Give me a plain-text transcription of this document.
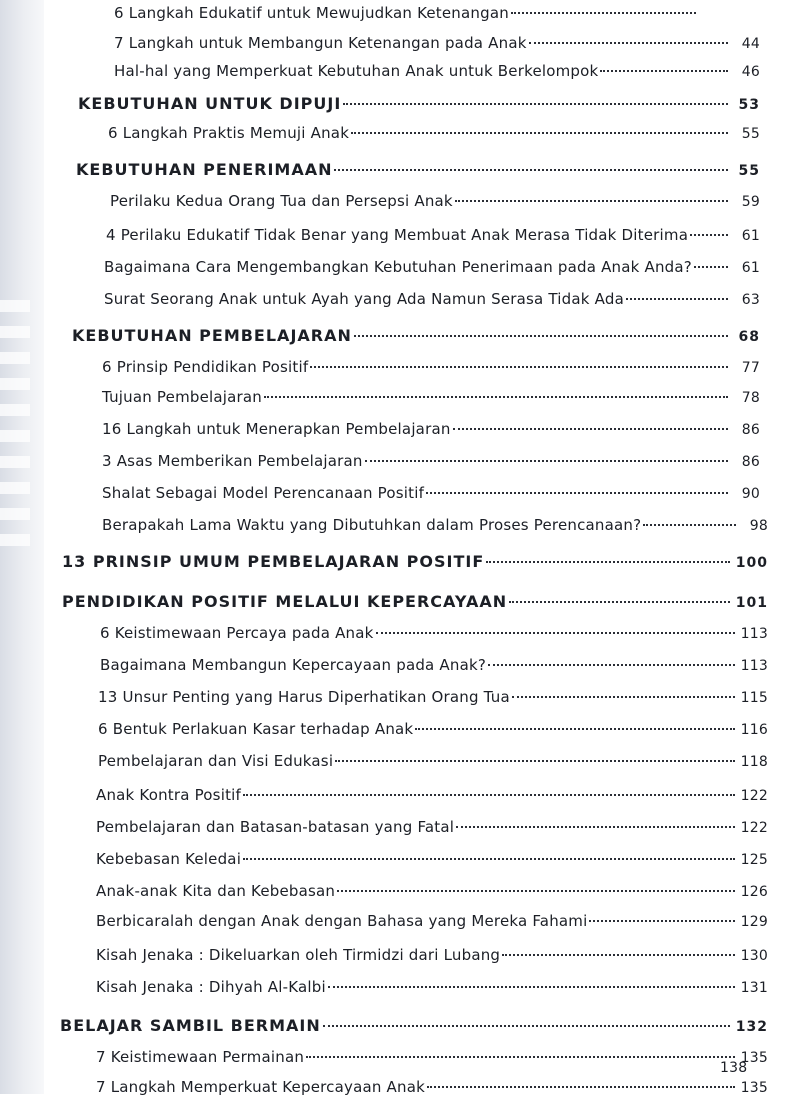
6 Langkah Edukatif untuk Mewujudkan Ketenangan
7 Langkah untuk Membangun Ketenangan pada Anak	44
Hal-hal yang Memperkuat Kebutuhan Anak untuk Berkelompok	46
KEBUTUHAN UNTUK DIPUJI	53
6 Langkah Praktis Memuji Anak	55
KEBUTUHAN PENERIMAAN	55
Perilaku Kedua Orang Tua dan Persepsi Anak	59
4 Perilaku Edukatif Tidak Benar yang Membuat Anak Merasa Tidak Diterima	61
Bagaimana Cara Mengembangkan Kebutuhan Penerimaan pada Anak Anda?	61
Surat Seorang Anak untuk Ayah yang Ada Namun Serasa Tidak Ada	63
KEBUTUHAN PEMBELAJARAN	68
6 Prinsip Pendidikan Positif	77
Tujuan Pembelajaran	78
16 Langkah untuk Menerapkan Pembelajaran	86
3 Asas Memberikan Pembelajaran	86
Shalat Sebagai Model Perencanaan Positif	90
Berapakah Lama Waktu yang Dibutuhkan dalam Proses Perencanaan?	98
13 PRINSIP UMUM PEMBELAJARAN POSITIF	100
PENDIDIKAN POSITIF MELALUI KEPERCAYAAN	101
6 Keistimewaan Percaya pada Anak	113
Bagaimana Membangun Kepercayaan pada Anak?	113
13 Unsur Penting yang Harus Diperhatikan Orang Tua	115
6 Bentuk Perlakuan Kasar terhadap Anak	116
Pembelajaran dan Visi Edukasi	118
Anak Kontra Positif	122
Pembelajaran dan Batasan-batasan yang Fatal	122
Kebebasan Keledai	125
Anak-anak Kita dan Kebebasan	126
Berbicaralah dengan Anak dengan Bahasa yang Mereka Fahami	129
Kisah Jenaka : Dikeluarkan oleh Tirmidzi dari Lubang	130
Kisah Jenaka : Dihyah Al-Kalbi	131
BELAJAR SAMBIL BERMAIN	132
7 Keistimewaan Permainan	135
7 Langkah Memperkuat Kepercayaan Anak	135
138
